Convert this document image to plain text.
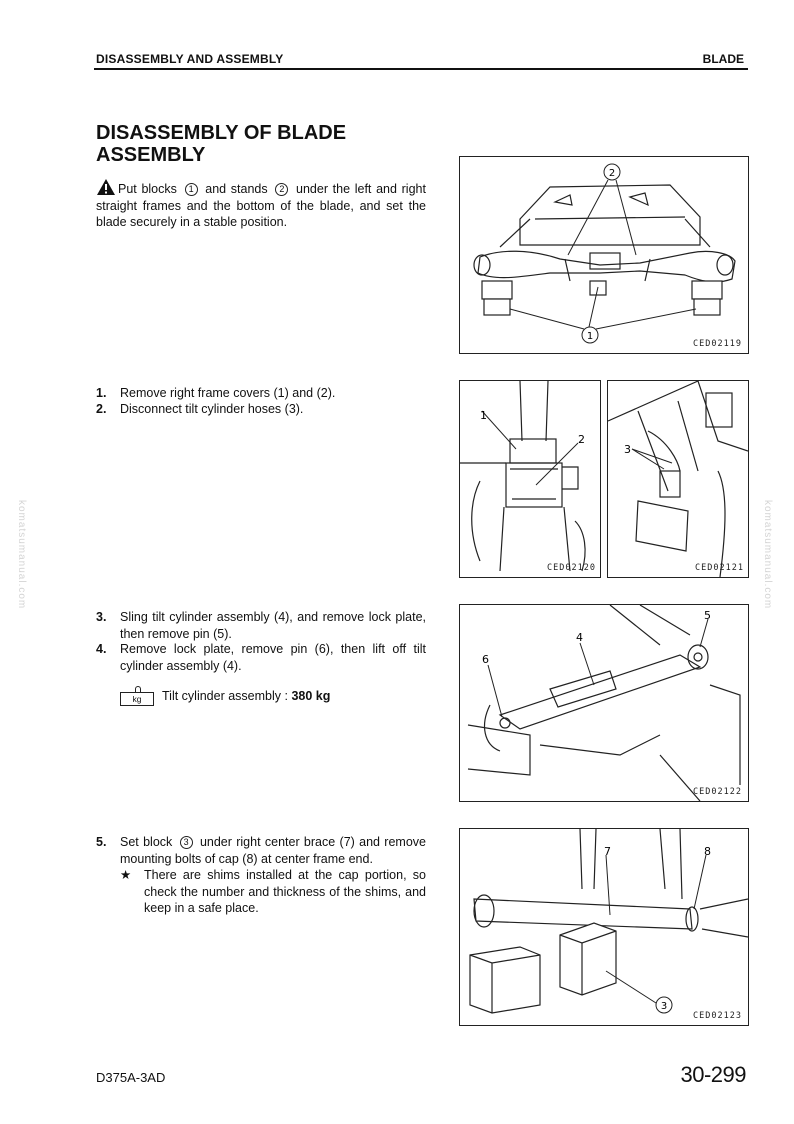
DISASSEMBLY AND ASSEMBLY	BLADE
komatsumanual.com	komatsumanual.com
DISASSEMBLY OF BLADE
ASSEMBLY
Put blocks 1 and stands 2 under the left and right straight frames and the bottom of the blade, and set the blade securely in a stable position.
1. Remove right frame covers (1) and (2).
2. Disconnect tilt cylinder hoses (3).
3. Sling tilt cylinder assembly (4), and remove lock plate, then remove pin (5).
4. Remove lock plate, remove pin (6), then lift off tilt cylinder assembly (4).
kg Tilt cylinder assembly : 380 kg
5. Set block 3 under right center brace (7) and remove mounting bolts of cap (8) at center frame end.
★ There are shims installed at the cap portion, so check the number and thickness of the shims, and keep in a safe place.
2
1
CED02119
1
2
CED02120
3
CED02121
4
5
6
CED02122
7	8
3
CED02123
D375A-3AD	30-299
